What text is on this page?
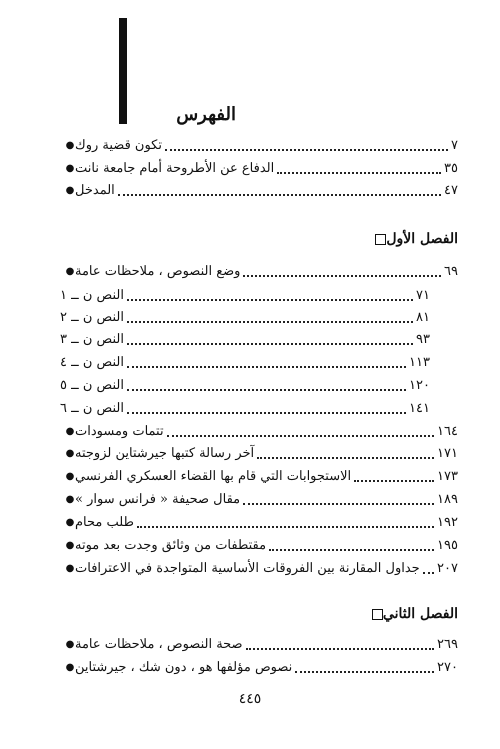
الفهرس
● تكون قضية روك	٧
● الدفاع عن الأطروحة أمام جامعة نانت	٣٥
● المدخل	٤٧
الفصل الأول
● وضع النصوص ، ملاحظات عامة	٦٩
النص ن ــ ١	٧١
النص ن ــ ٢	٨١
النص ن ــ ٣	٩٣
النص ن ــ ٤	١١٣
النص ن ــ ٥	١٢٠
النص ن ــ ٦	١٤١
● تتمات ومسودات	١٦٤
● آخر رسالة كتبها جيرشتاين لزوجته	١٧١
● الاستجوابات التي قام بها القضاء العسكري الفرنسي	١٧٣
● مقال صحيفة « فرانس سوار »	١٨٩
● طلب محام	١٩٢
● مقتطفات من وثائق وجدت بعد موته	١٩٥
● جداول المقارنة بين الفروقات الأساسية المتواجدة في الاعترافات ٢٠٧
الفصل الثاني
● صحة النصوص ، ملاحظات عامة	٢٦٩
● نصوص مؤلفها هو ، دون شك ، جيرشتاين	٢٧٠
٤٤٥
